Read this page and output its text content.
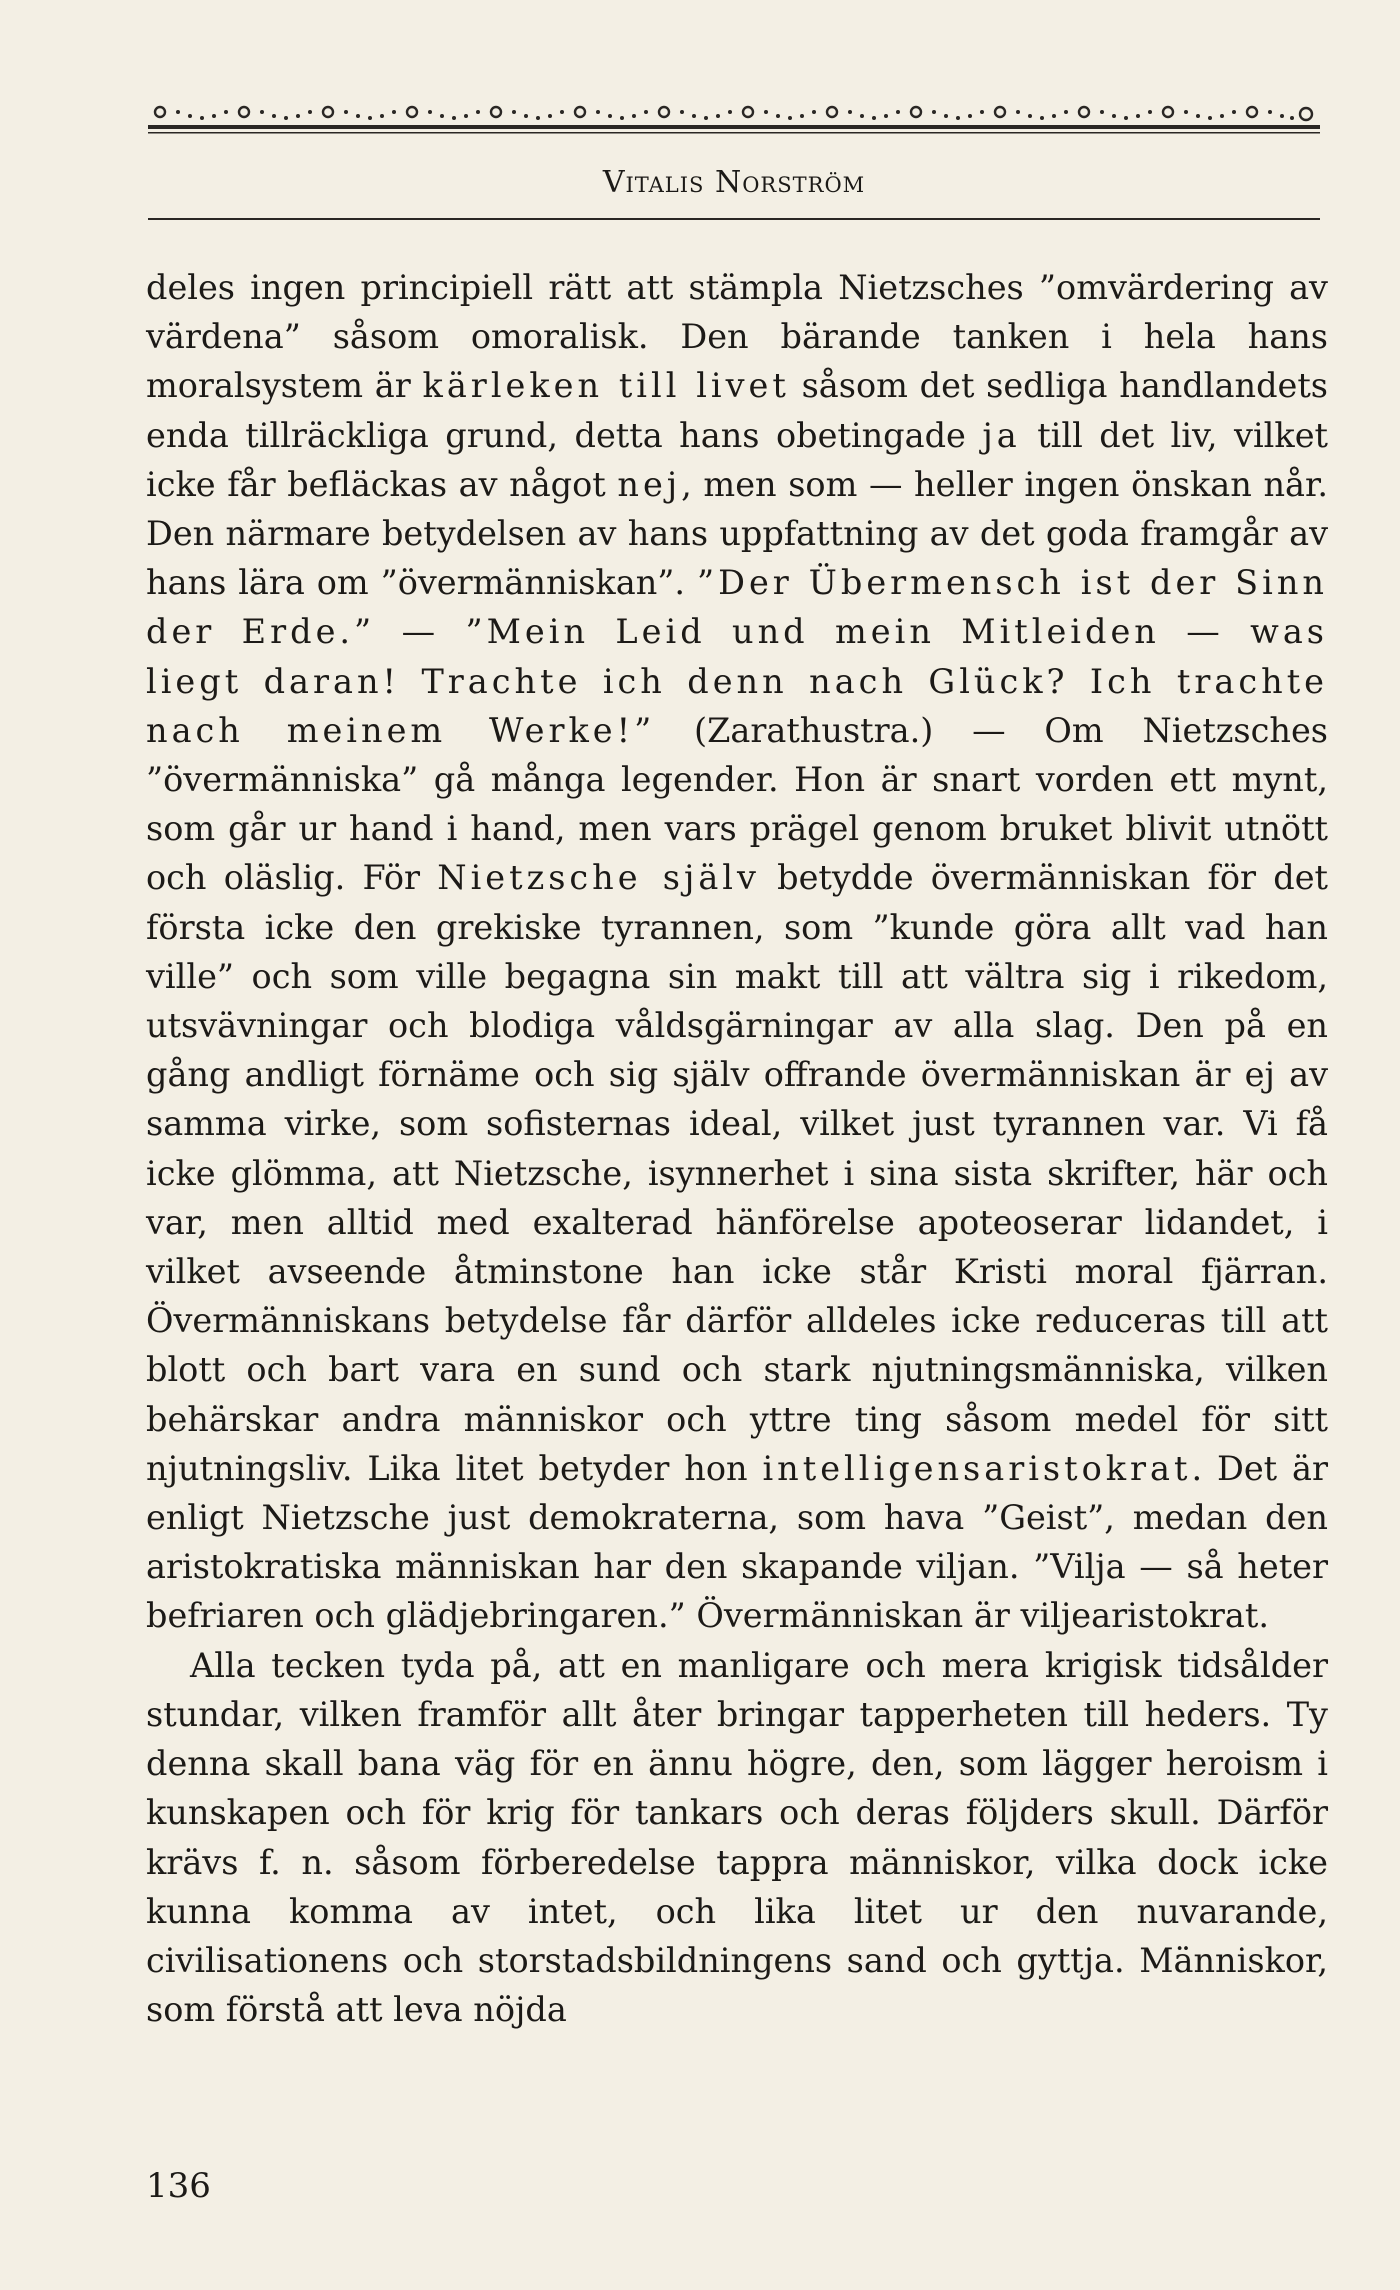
Vitalis Norström

deles ingen principiell rätt att stämpla Nietzsches ”omvärdering av värdena” såsom omoralisk. Den bärande tanken i hela hans moralsystem är kärleken till livet såsom det sedliga handlandets enda tillräckliga grund, detta hans obetingade ja till det liv, vilket icke får befläckas av något nej, men som — heller ingen önskan når. Den närmare betydelsen av hans uppfattning av det goda framgår av hans lära om ”övermänniskan”. ”Der Übermensch ist der Sinn der Erde.” — ”Mein Leid und mein Mitleiden — was liegt daran! Trachte ich denn nach Glück? Ich trachte nach meinem Werke!” (Zarathustra.) — Om Nietzsches ”övermänniska” gå många legender. Hon är snart vorden ett mynt, som går ur hand i hand, men vars prägel genom bruket blivit utnött och oläslig. För Nietzsche själv betydde övermänniskan för det första icke den grekiske tyrannen, som ”kunde göra allt vad han ville” och som ville begagna sin makt till att vältra sig i rikedom, utsvävningar och blodiga våldsgärningar av alla slag. Den på en gång andligt förnäme och sig själv offrande övermänniskan är ej av samma virke, som sofisternas ideal, vilket just tyrannen var. Vi få icke glömma, att Nietzsche, isynnerhet i sina sista skrifter, här och var, men alltid med exalterad hänförelse apoteoserar lidandet, i vilket avseende åtminstone han icke står Kristi moral fjärran. Övermänniskans betydelse får därför alldeles icke reduceras till att blott och bart vara en sund och stark njutningsmänniska, vilken behärskar andra människor och yttre ting såsom medel för sitt njutningsliv. Lika litet betyder hon intelligensaristokrat. Det är enligt Nietzsche just demokraterna, som hava ”Geist”, medan den aristokratiska människan har den skapande viljan. ”Vilja — så heter befriaren och glädjebringaren.” Övermänniskan är viljearistokrat.

Alla tecken tyda på, att en manligare och mera krigisk tidsålder stundar, vilken framför allt åter bringar tapperheten till heders. Ty denna skall bana väg för en ännu högre, den, som lägger heroism i kunskapen och för krig för tankars och deras följders skull. Därför krävs f. n. såsom förberedelse tappra människor, vilka dock icke kunna komma av intet, och lika litet ur den nuvarande, civilisationens och storstadsbildningens sand och gyttja. Människor, som förstå att leva nöjda

136
